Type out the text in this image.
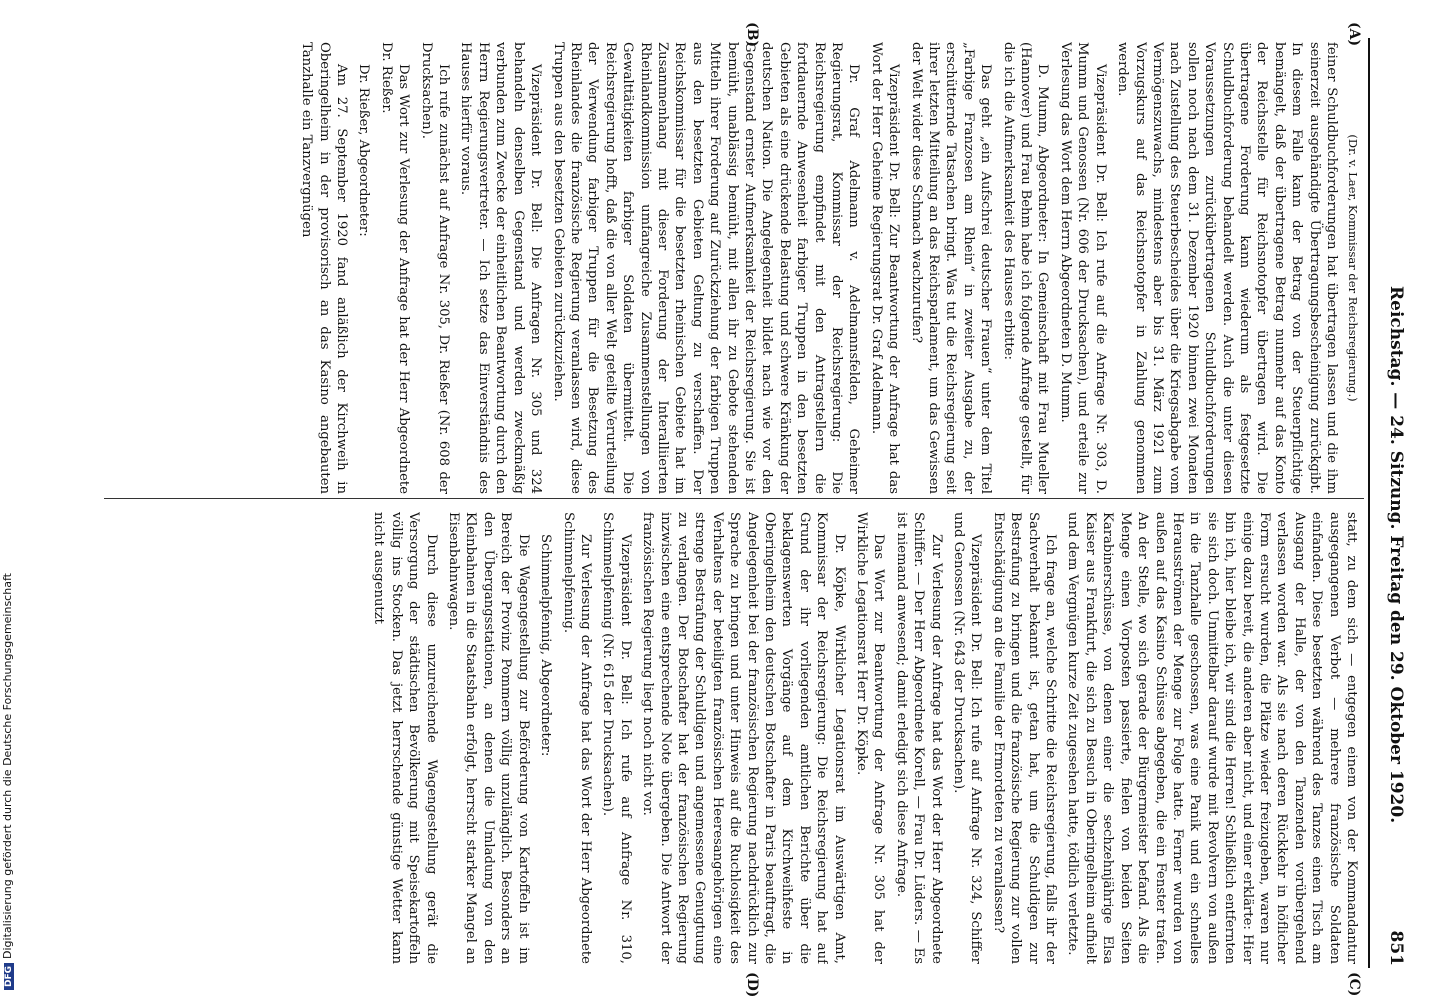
Reichstag. — 24. Sitzung. Freitag den 29. Oktober 1920.
851
(A)
(B)
(C)
(D)

(Dr. v. Laer, Kommissar der Reichsregierung.)

feiner Schuldbuchforderungen hat übertragen lassen und die ihm seinerzeit ausgehändigte Übertragungsbescheinigung zurückgibt. In diesem Falle kann der Betrag von der Steuerpflichtige bemängelt, daß der übertragene Betrag nunmehr auf das Konto der Reichsstelle für Reichsnotopfer übertragen wird. Die übertragene Forderung kann wiederum als festgesetzte Schuldbuchforderung behandelt werden. Auch die unter diesen Voraussetzungen zurückübertragenen Schuldbuchforderungen sollen noch nach dem 31. Dezember 1920 binnen zwei Monaten nach Zustellung des Steuerbescheides über die Kriegsabgabe vom Vermögenszuwachs, mindestens aber bis 31. März 1921 zum Vorzugskurs auf das Reichsnotopfer in Zahlung genommen werden.

Vizepräsident Dr. Bell: Ich rufe auf die Anfrage Nr. 303, D. Mumm und Genossen (Nr. 606 der Drucksachen), und erteile zur Verlesung das Wort dem Herrn Abgeordneten D. Mumm.

D. Mumm, Abgeordneter: In Gemeinschaft mit Frau Mueller (Hannover) und Frau Behm habe ich folgende Anfrage gestellt, für die ich die Aufmerksamkeit des Hauses erbitte:

Das geht „ein Aufschrei deutscher Frauen“ unter dem Titel „Farbige Franzosen am Rhein“ in zweiter Ausgabe zu, der erschütternde Tatsachen bringt. Was tut die Reichsregierung seit ihrer letzten Mitteilung an das Reichsparlament, um das Gewissen der Welt wider diese Schmach wachzurufen?

Vizepräsident Dr. Bell: Zur Beantwortung der Anfrage hat das Wort der Herr Geheime Regierungsrat Dr. Graf Adelmann.

Dr. Graf Adelmann v. Adelmannsfelden, Geheimer Regierungsrat, Kommissar der Reichsregierung: Die Reichsregierung empfindet mit den Antragstellern die fortdauernde Anwesenheit farbiger Truppen in den besetzten Gebieten als eine drückende Belastung und schwere Kränkung der deutschen Nation. Die Angelegenheit bildet nach wie vor den Gegenstand ernster Aufmerksamkeit der Reichsregierung. Sie ist bemüht, unablässig bemüht, mit allen ihr zu Gebote stehenden Mitteln ihrer Forderung auf Zurückziehung der farbigen Truppen aus den besetzten Gebieten Geltung zu verschaffen. Der Reichskommissar für die besetzten rheinischen Gebiete hat im Zusammenhang mit dieser Forderung der Interalliierten Rheinlandkommission umfangreiche Zusammenstellungen von Gewalttätigkeiten farbiger Soldaten übermittelt. Die Reichsregierung hofft, daß die von aller Welt geteilte Verurteilung der Verwendung farbiger Truppen für die Besetzung des Rheinlandes die französische Regierung veranlassen wird, diese Truppen aus den besetzten Gebieten zurückzuziehen.

Vizepräsident Dr. Bell: Die Anfragen Nr. 305 und 324 behandeln denselben Gegenstand und werden zweckmäßig verbunden zum Zwecke der einheitlichen Beantwortung durch den Herrn Regierungsvertreter. — Ich setze das Einverständnis des Hauses hierfür voraus.

Ich rufe zunächst auf Anfrage Nr. 305, Dr. Rießer (Nr. 608 der Drucksachen).

Das Wort zur Verlesung der Anfrage hat der Herr Abgeordnete Dr. Rießer.

Dr. Rießer, Abgeordneter:

Am 27. September 1920 fand anläßlich der Kirchweih in Oberingelheim in der provisorisch an das Kasino angebauten Tanzhalle ein Tanzvergnügen

statt, zu dem sich — entgegen einem von der Kommandantur ausgegangenen Verbot — mehrere französische Soldaten einfanden. Diese besetzten während des Tanzes einen Tisch am Ausgang der Halle, der von den Tanzenden vorübergehend verlassen worden war. Als sie nach deren Rückkehr in höflicher Form ersucht wurden, die Plätze wieder freizugeben, waren nur einige dazu bereit, die anderen aber nicht, und einer erklärte: Hier bin ich, hier bleibe ich, wir sind die Herren! Schließlich entfernten sie sich doch. Unmittelbar darauf wurde mit Revolvern von außen in die Tanzhalle geschossen, was eine Panik und ein schnelles Herausströmen der Menge zur Folge hatte. Ferner wurden von außen auf das Kasino Schüsse abgegeben, die ein Fenster trafen. An der Stelle, wo sich gerade der Bürgermeister befand. Als die Menge einen Vorposten passierte, fielen von beiden Seiten Karabinerschüsse, von denen einer die sechzehnjährige Elsa Kaiser aus Frankfurt, die sich zu Besuch in Oberingelheim aufhielt und dem Vergnügen kurze Zeit zugesehen hatte, tödlich verletzte.

Ich frage an, welche Schritte die Reichsregierung, falls ihr der Sachverhalt bekannt ist, getan hat, um die Schuldigen zur Bestrafung zu bringen und die französische Regierung zur vollen Entschädigung an die Familie der Ermordeten zu veranlassen?

Vizepräsident Dr. Bell: Ich rufe auf Anfrage Nr. 324, Schiffer und Genossen (Nr. 643 der Drucksachen).

Zur Verlesung der Anfrage hat das Wort der Herr Abgeordnete Schiffer. — Der Herr Abgeordnete Korell, — Frau Dr. Lüders. — Es ist niemand anwesend; damit erledigt sich diese Anfrage.

Das Wort zur Beantwortung der Anfrage Nr. 305 hat der Wirkliche Legationsrat Herr Dr. Köpke.

Dr. Köpke, Wirklicher Legationsrat im Auswärtigen Amt, Kommissar der Reichsregierung: Die Reichsregierung hat auf Grund der ihr vorliegenden amtlichen Berichte über die beklagenswerten Vorgänge auf dem Kirchweihfeste in Oberingelheim den deutschen Botschafter in Paris beauftragt, die Angelegenheit bei der französischen Regierung nachdrücklich zur Sprache zu bringen und unter Hinweis auf die Ruchlosigkeit des Verhaltens der beteiligten französischen Heeresangehörigen eine strenge Bestrafung der Schuldigen und angemessene Genugtuung zu verlangen. Der Botschafter hat der französischen Regierung inzwischen eine entsprechende Note übergeben. Die Antwort der französischen Regierung liegt noch nicht vor.

Vizepräsident Dr. Bell: Ich rufe auf Anfrage Nr. 310, Schimmelpfennig (Nr. 615 der Drucksachen).

Zur Verlesung der Anfrage hat das Wort der Herr Abgeordnete Schimmelpfennig.

Schimmelpfennig, Abgeordneter:

Die Wagengestellung zur Beförderung von Kartoffeln ist im Bereich der Provinz Pommern völlig unzulänglich. Besonders an den Übergangsstationen, an denen die Umladung von den Kleinbahnen in die Staatsbahn erfolgt, herrscht starker Mangel an Eisenbahnwagen.

Durch diese unzureichende Wagengestellung gerät die Versorgung der städtischen Bevölkerung mit Speisekartoffeln völlig ins Stocken. Das jetzt herrschende günstige Wetter kann nicht ausgenutzt

DFGDigitalisierung gefördert durch die Deutsche Forschungsgemeinschaft
